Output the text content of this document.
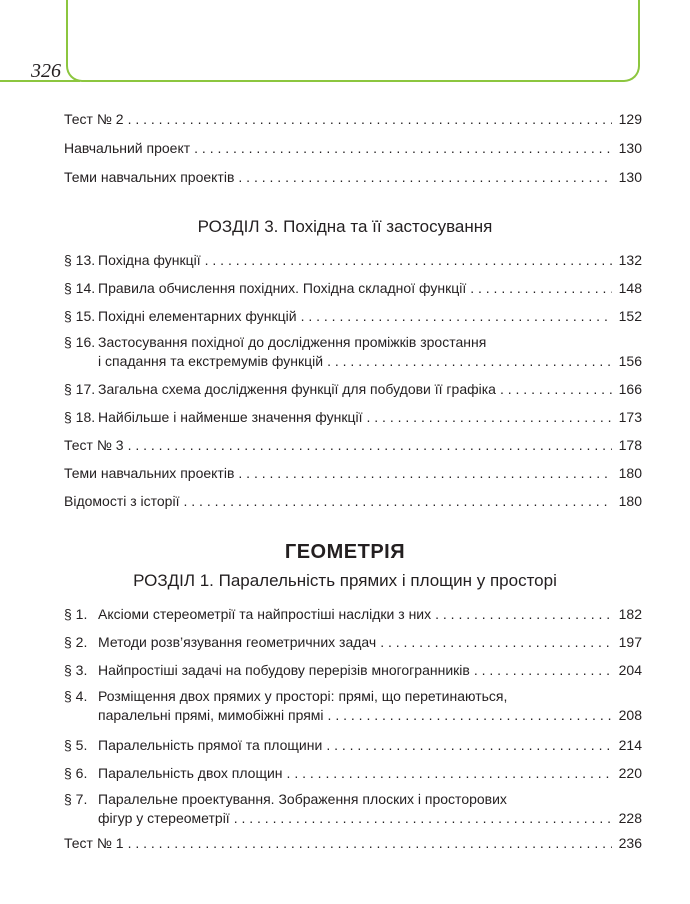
326
Тест № 2 . . .	129
Навчальний проект . . .	130
Теми навчальних проектів . . .	130
РОЗДІЛ 3. Похідна та її застосування
§ 13. Похідна функції . . .	132
§ 14. Правила обчислення похідних. Похідна складної функції . . .	148
§ 15. Похідні елементарних функцій . . .	152
§ 16. Застосування похідної до дослідження проміжків зростання
і спадання та екстремумів функцій . . .	156
§ 17. Загальна схема дослідження функції для побудови її графіка . . .	166
§ 18. Найбільше і найменше значення функції . . .	173
Тест № 3 . . .	178
Теми навчальних проектів . . .	180
Відомості з історії . . .	180
ГЕОМЕТРІЯ
РОЗДІЛ 1. Паралельність прямих і площин у просторі
§ 1. Аксіоми стереометрії та найпростіші наслідки з них . . .	182
§ 2. Методи розв’язування геометричних задач . . .	197
§ 3. Найпростіші задачі на побудову перерізів многогранників . . .	204
§ 4. Розміщення двох прямих у просторі: прямі, що перетинаються,
паралельні прямі, мимобіжні прямі . . .	208
§ 5. Паралельність прямої та площини . . .	214
§ 6. Паралельність двох площин . . .	220
§ 7. Паралельне проектування. Зображення плоских і просторових
фігур у стереометрії . . .	228
Тест № 1 . . .	236
